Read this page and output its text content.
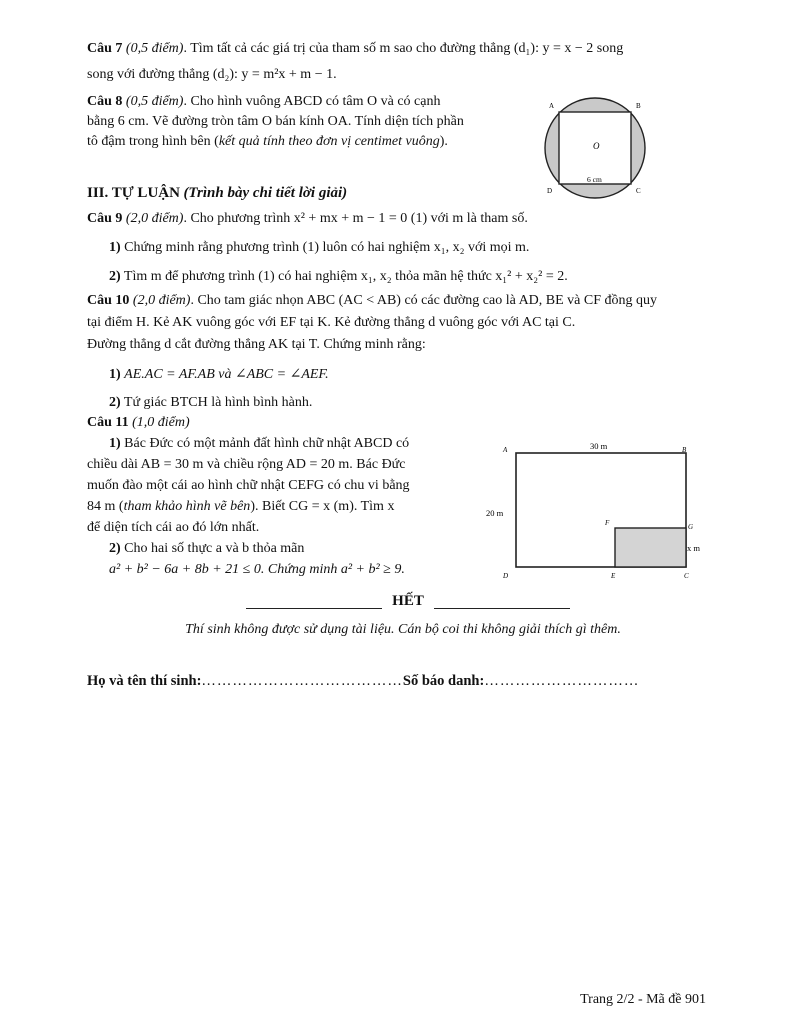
Câu 7 (0,5 điểm). Tìm tất cả các giá trị của tham số m sao cho đường thẳng (d₁): y = x − 2 song

song với đường thẳng (d₂): y = m²x + m − 1.

Câu 8 (0,5 điểm). Cho hình vuông ABCD có tâm O và có cạnh

bằng 6 cm. Vẽ đường tròn tâm O bán kính OA. Tính diện tích phần

tô đậm trong hình bên (kết quả tính theo đơn vị centimet vuông).

A	B
C
D
O
6 cm
III. TỰ LUẬN (Trình bày chi tiết lời giải)

Câu 9 (2,0 điểm). Cho phương trình x² + mx + m − 1 = 0 (1) với m là tham số.

1) Chứng minh rằng phương trình (1) luôn có hai nghiệm x₁, x₂ với mọi m.

2) Tìm m để phương trình (1) có hai nghiệm x₁, x₂ thỏa mãn hệ thức x₁² + x₂² = 2.

Câu 10 (2,0 điểm). Cho tam giác nhọn ABC (AC < AB) có các đường cao là AD, BE và CF đồng quy

tại điểm H. Kẻ AK vuông góc với EF tại K. Kẻ đường thẳng d vuông góc với AC tại C.

Đường thẳng d cắt đường thẳng AK tại T. Chứng minh rằng:

1) AE.AC = AF.AB và ∠ABC = ∠AEF.

2) Tứ giác BTCH là hình bình hành.

Câu 11 (1,0 điểm)

1) Bác Đức có một mảnh đất hình chữ nhật ABCD có

chiều dài AB = 30 m và chiều rộng AD = 20 m. Bác Đức

muốn đào một cái ao hình chữ nhật CEFG có chu vi bằng

84 m (tham khảo hình vẽ bên). Biết CG = x (m). Tìm x

để diện tích cái ao đó lớn nhất.

2) Cho hai số thực a và b thỏa mãn

a² + b² − 6a + 8b + 21 ≤ 0. Chứng minh a² + b² ≥ 9.

A	B
C
D	E
F	G
30 m
20 m
x m
HẾT
Thí sinh không được sử dụng tài liệu. Cán bộ coi thi không giải thích gì thêm.
Họ và tên thí sinh:…………………………………Số báo danh:…………………………
Trang 2/2 - Mã đề 901
